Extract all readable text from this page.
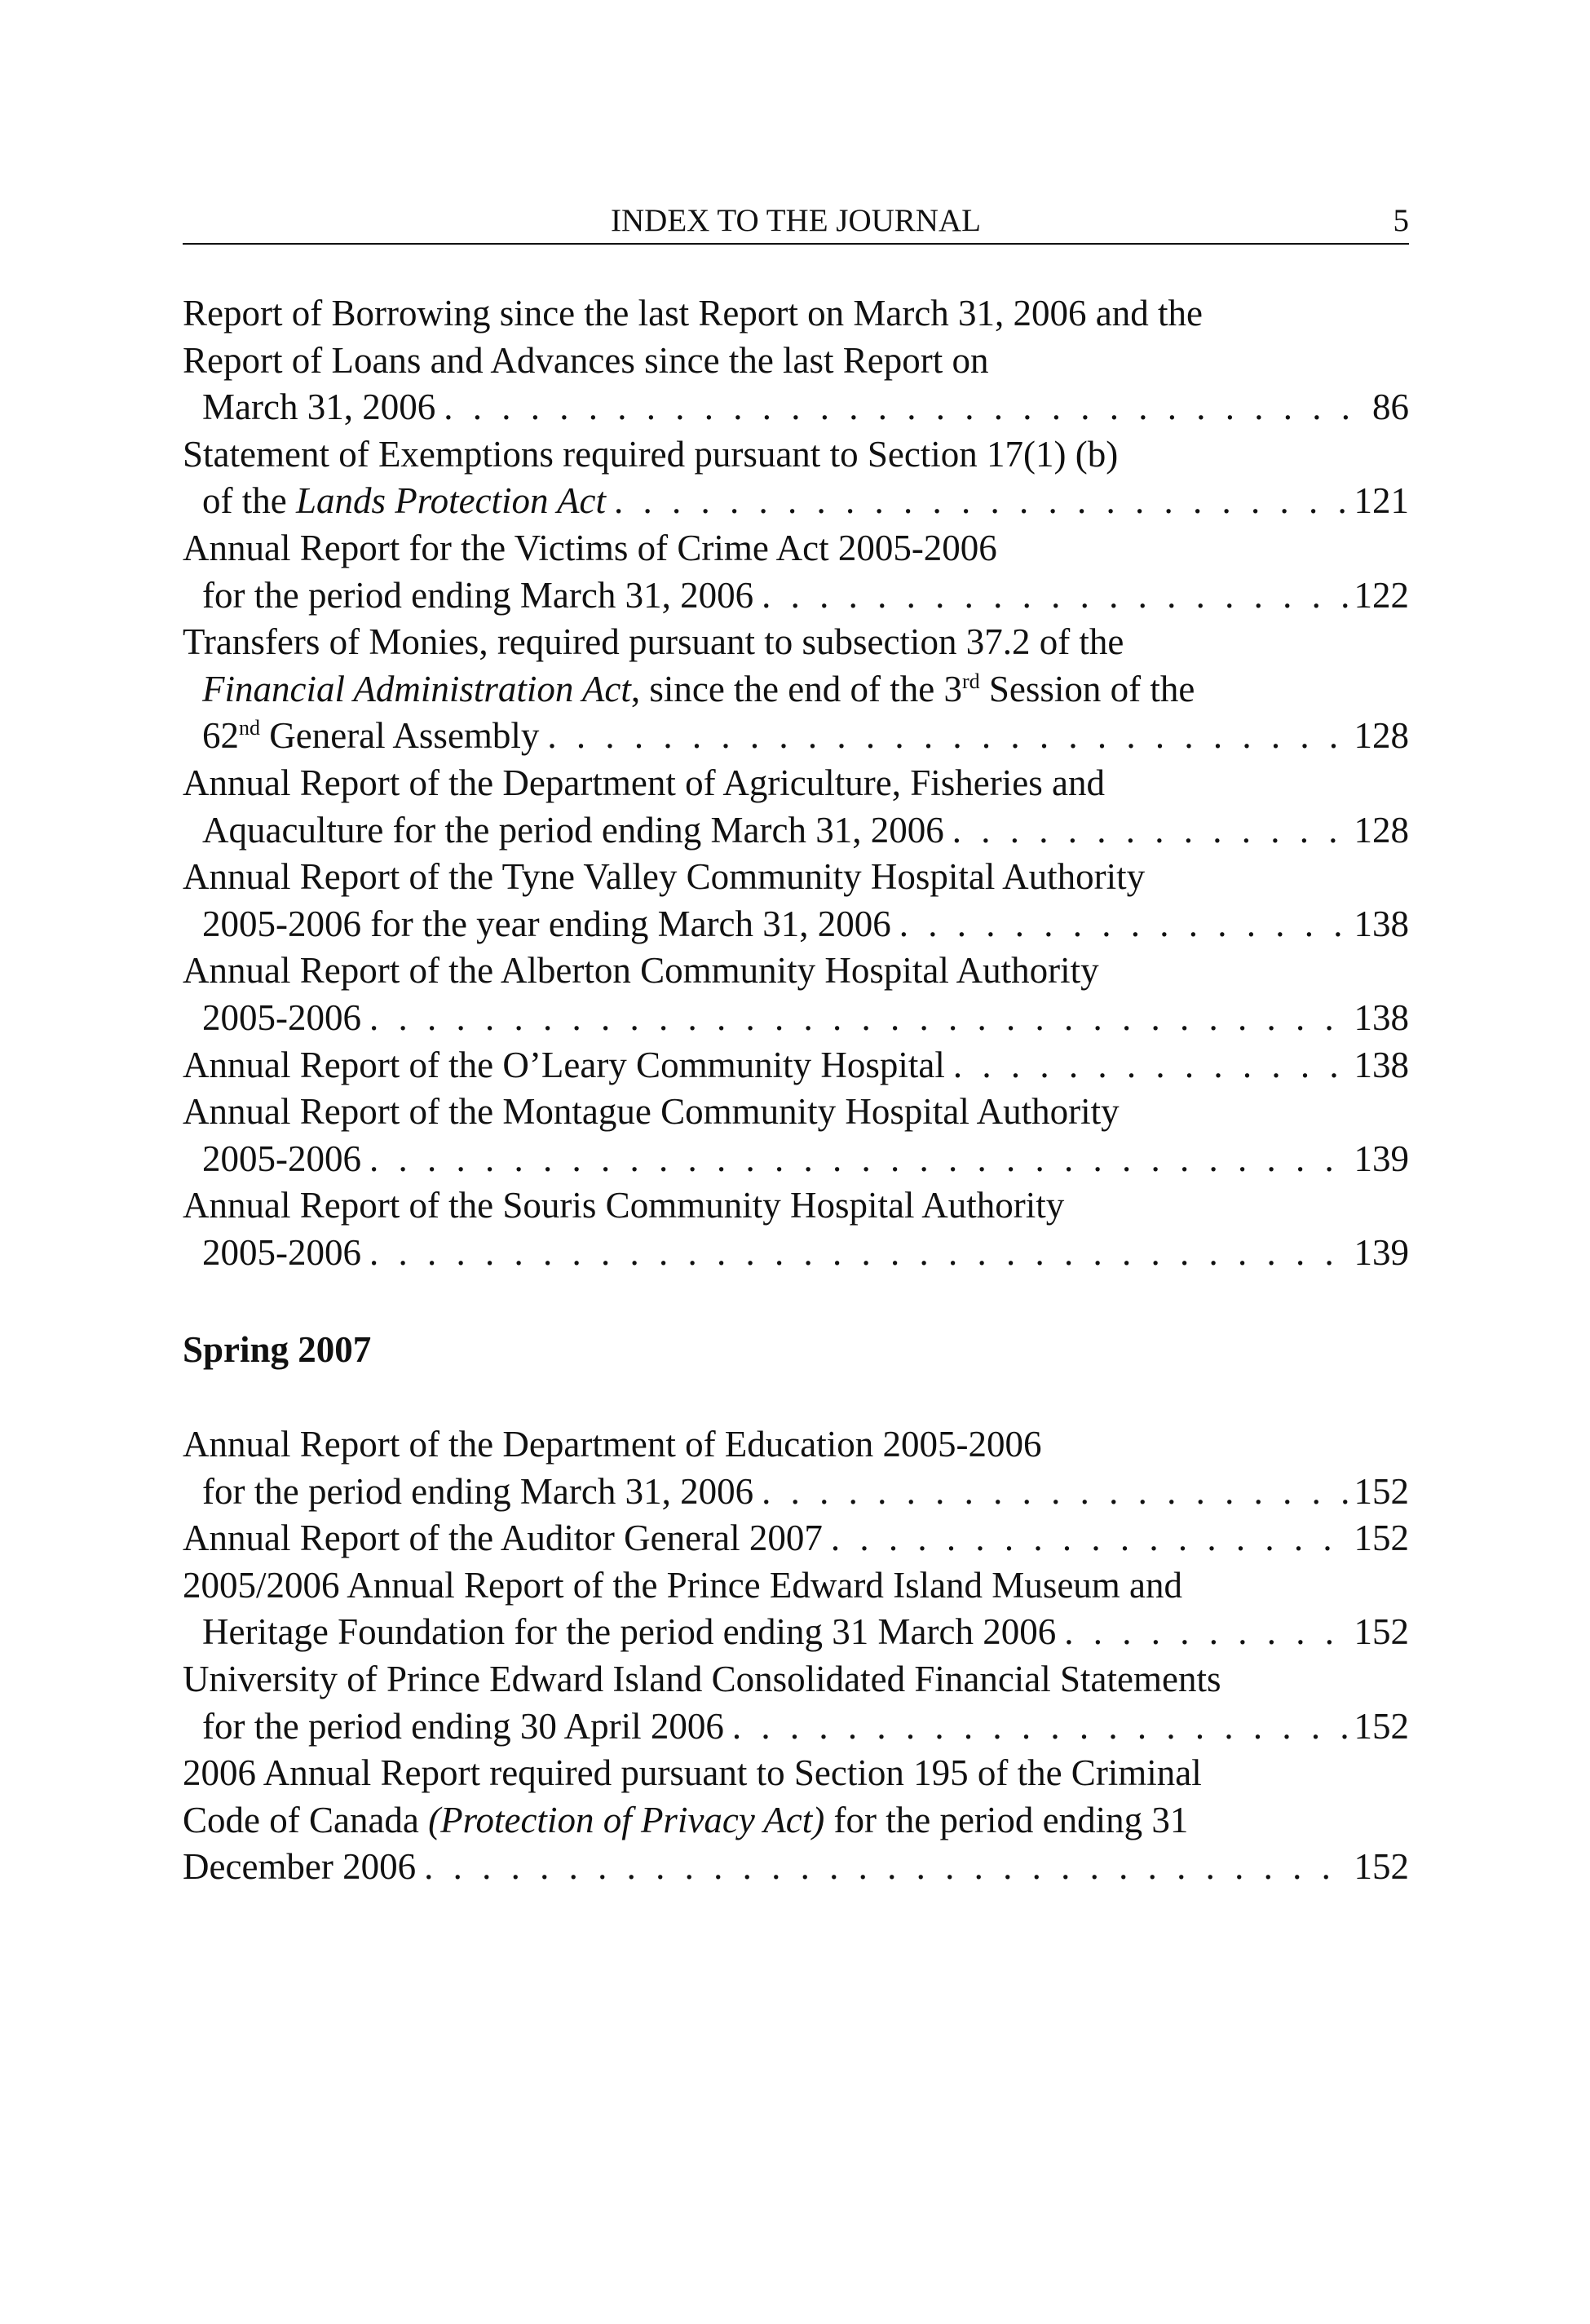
INDEX TO THE JOURNAL	5
Report of Borrowing since the last Report on March 31, 2006 and the
Report of Loans and Advances since the last Report on
March 31, 2006 . . .	86
Statement of Exemptions required pursuant to Section 17(1) (b)
of the Lands Protection Act . . .	121
Annual Report for the Victims of Crime Act 2005-2006
for the period ending March 31, 2006 . . .	122
Transfers of Monies, required pursuant to subsection 37.2 of the
Financial Administration Act, since the end of the 3rd Session of the
62nd General Assembly . . .	128
Annual Report of the Department of Agriculture, Fisheries and
Aquaculture for the period ending March 31, 2006 . . .	128
Annual Report of the Tyne Valley Community Hospital Authority
2005-2006 for the year ending March 31, 2006 . . .	138
Annual Report of the Alberton Community Hospital Authority
2005-2006 . . .	138
Annual Report of the O’Leary Community Hospital . . .	138
Annual Report of the Montague Community Hospital Authority
2005-2006 . . .	139
Annual Report of the Souris Community Hospital Authority
2005-2006 . . .	139
Spring 2007
Annual Report of the Department of Education 2005-2006
for the period ending March 31, 2006 . . .	152
Annual Report of the Auditor General 2007 . . .	152
2005/2006 Annual Report of the Prince Edward Island Museum and
Heritage Foundation for the period ending 31 March 2006 . . .	152
University of Prince Edward Island Consolidated Financial Statements
for the period ending 30 April 2006 . . .	152
2006 Annual Report required pursuant to Section 195 of the Criminal
Code of Canada (Protection of Privacy Act) for the period ending 31
December 2006 . . .	152
